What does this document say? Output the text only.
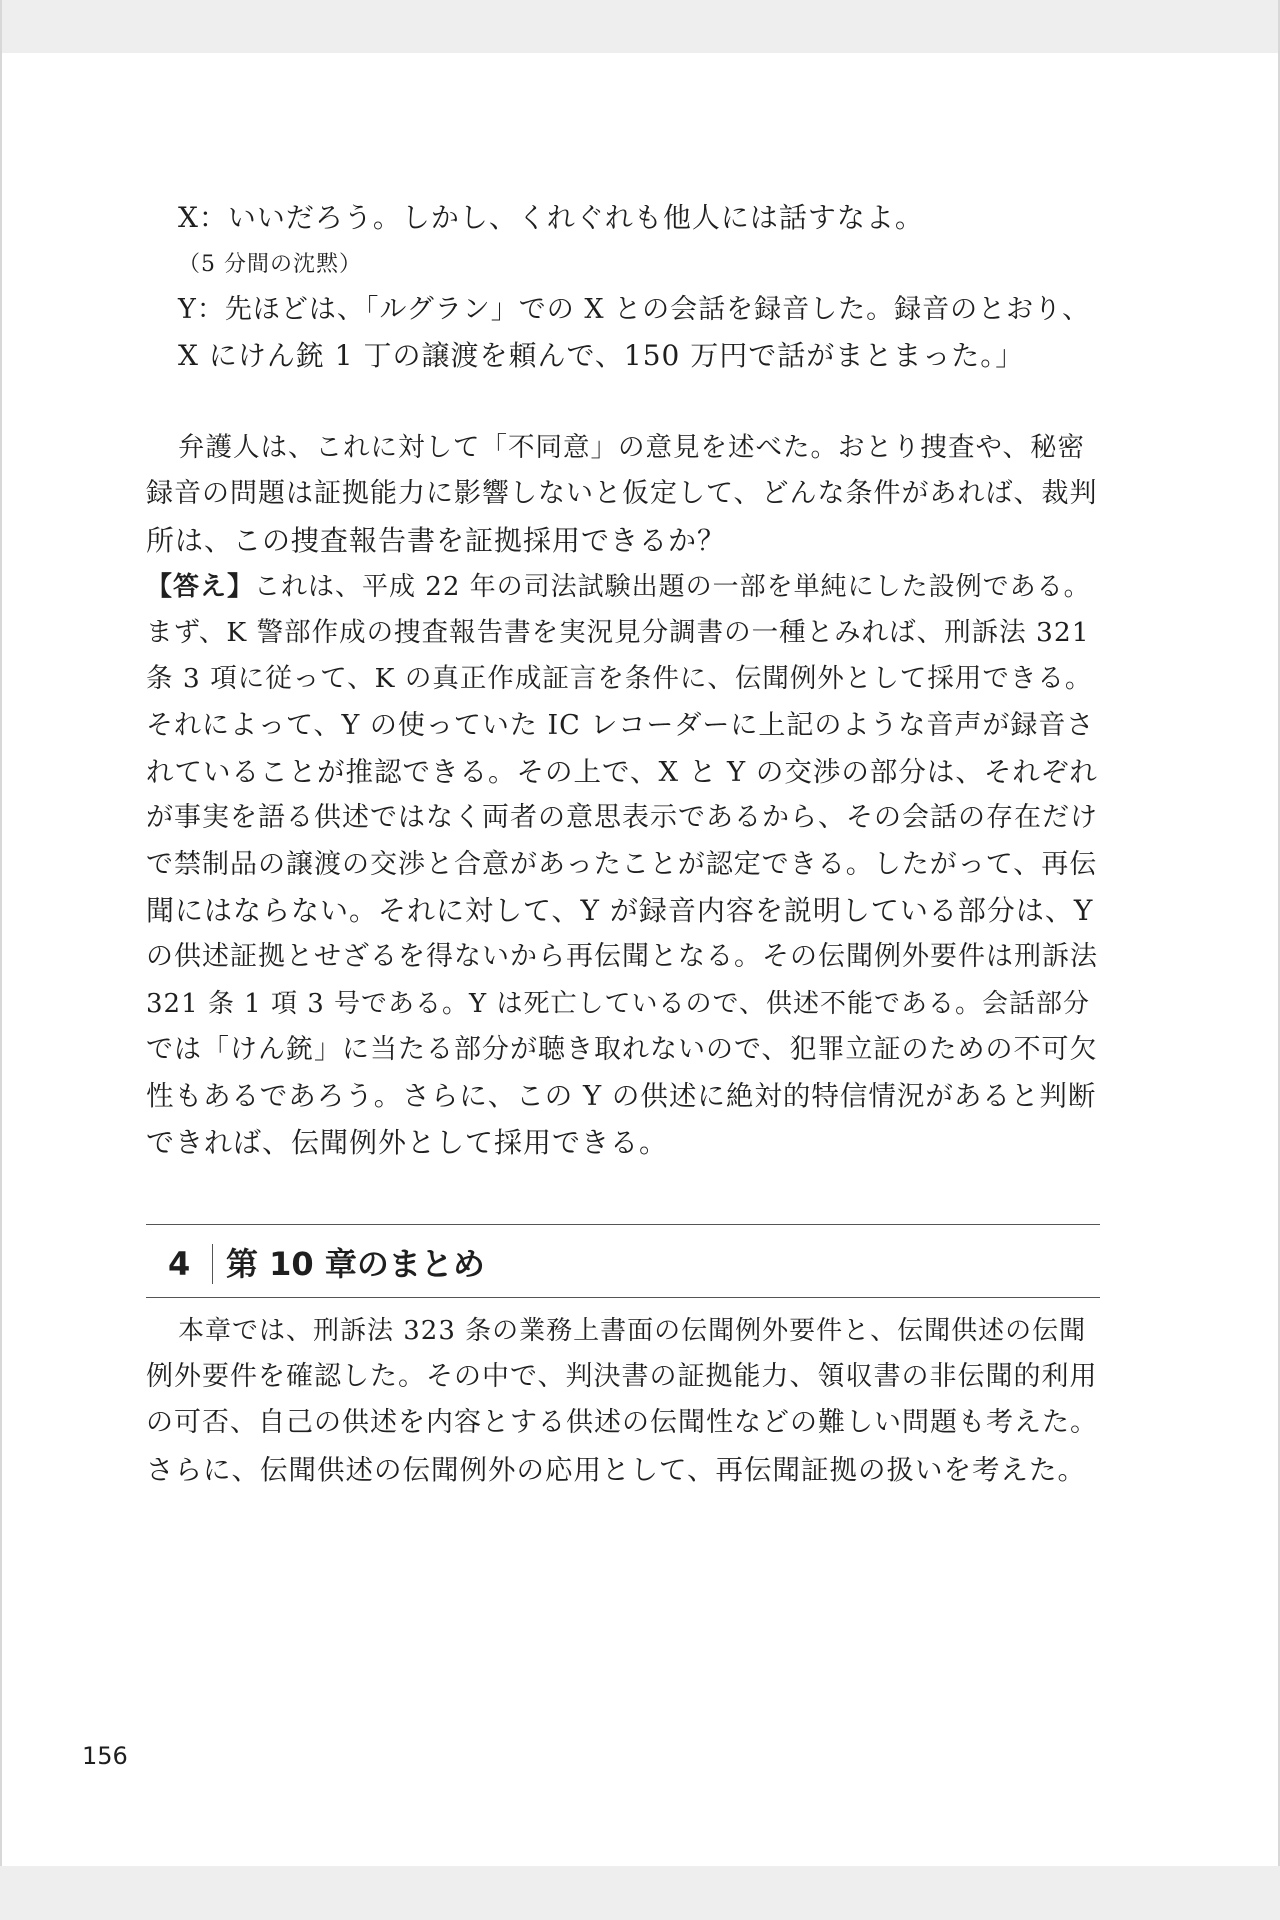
X：いいだろう。しかし、くれぐれも他人には話すなよ。
（5 分間の沈黙）
Y：先ほどは、「ルグラン」での X との会話を録音した。録音のとおり、
X にけん銃 1 丁の譲渡を頼んで、150 万円で話がまとまった。」
弁護人は、これに対して「不同意」の意見を述べた。おとり捜査や、秘密
録音の問題は証拠能力に影響しないと仮定して、どんな条件があれば、裁判
所は、この捜査報告書を証拠採用できるか？
【答え】これは、平成 22 年の司法試験出題の一部を単純にした設例である。
まず、K 警部作成の捜査報告書を実況見分調書の一種とみれば、刑訴法 321
条 3 項に従って、K の真正作成証言を条件に、伝聞例外として採用できる。
それによって、Y の使っていた IC レコーダーに上記のような音声が録音さ
れていることが推認できる。その上で、X と Y の交渉の部分は、それぞれ
が事実を語る供述ではなく両者の意思表示であるから、その会話の存在だけ
で禁制品の譲渡の交渉と合意があったことが認定できる。したがって、再伝
聞にはならない。それに対して、Y が録音内容を説明している部分は、Y
の供述証拠とせざるを得ないから再伝聞となる。その伝聞例外要件は刑訴法
321 条 1 項 3 号である。Y は死亡しているので、供述不能である。会話部分
では「けん銃」に当たる部分が聴き取れないので、犯罪立証のための不可欠
性もあるであろう。さらに、この Y の供述に絶対的特信情況があると判断
できれば、伝聞例外として採用できる。
4 第 10 章のまとめ
本章では、刑訴法 323 条の業務上書面の伝聞例外要件と、伝聞供述の伝聞
例外要件を確認した。その中で、判決書の証拠能力、領収書の非伝聞的利用
の可否、自己の供述を内容とする供述の伝聞性などの難しい問題も考えた。
さらに、伝聞供述の伝聞例外の応用として、再伝聞証拠の扱いを考えた。
156
